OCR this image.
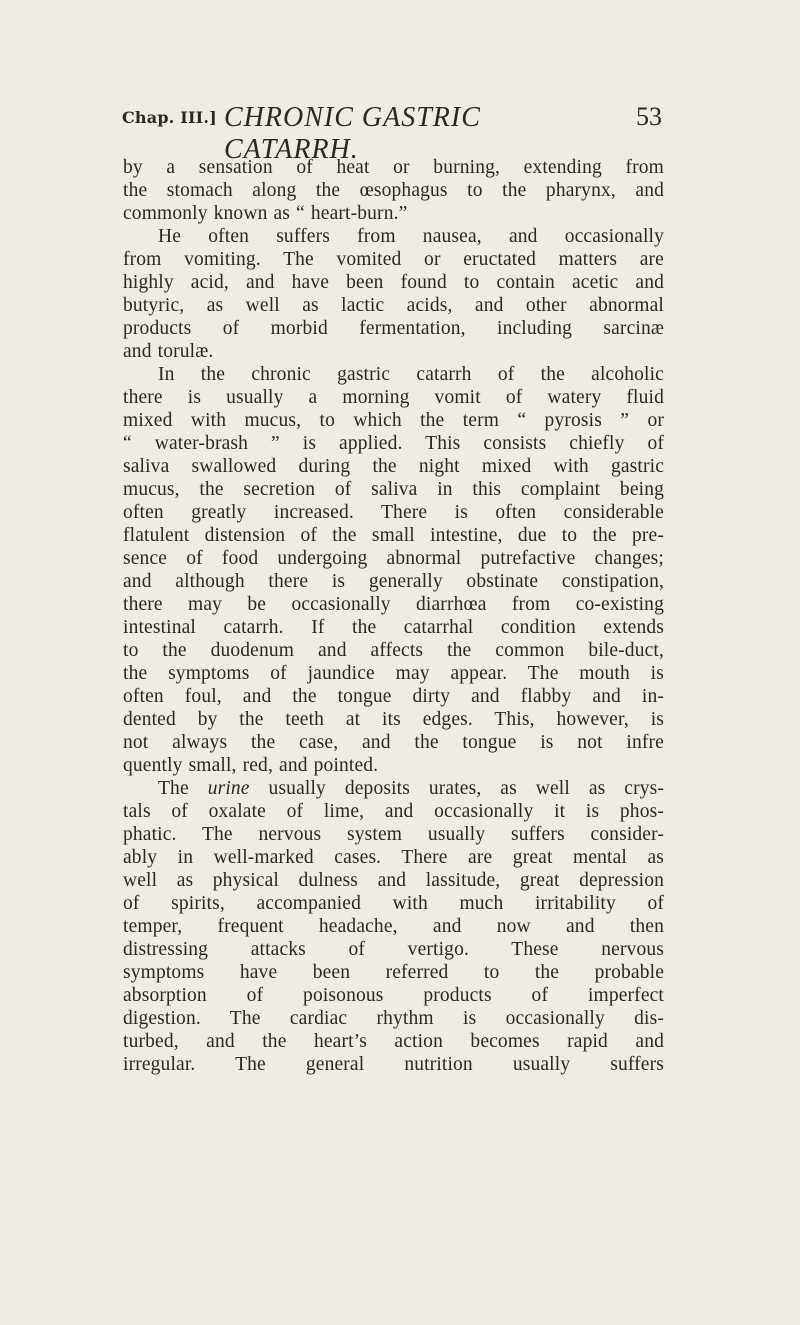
Chap. III.] CHRONIC GASTRIC CATARRH.
53
by a sensation of heat or burning, extending from
the stomach along the œsophagus to the pharynx, and
commonly known as “ heart-burn.”
He often suffers from nausea, and occasionally
from vomiting. The vomited or eructated matters are
highly acid, and have been found to contain acetic and
butyric, as well as lactic acids, and other abnormal
products of morbid fermentation, including sarcinæ
and torulæ.
In the chronic gastric catarrh of the alcoholic
there is usually a morning vomit of watery fluid
mixed with mucus, to which the term “ pyrosis ” or
“ water-brash ” is applied. This consists chiefly of
saliva swallowed during the night mixed with gastric
mucus, the secretion of saliva in this complaint being
often greatly increased. There is often considerable
flatulent distension of the small intestine, due to the pre-
sence of food undergoing abnormal putrefactive changes;
and although there is generally obstinate constipation,
there may be occasionally diarrhœa from co-existing
intestinal catarrh. If the catarrhal condition extends
to the duodenum and affects the common bile-duct,
the symptoms of jaundice may appear. The mouth is
often foul, and the tongue dirty and flabby and in-
dented by the teeth at its edges. This, however, is
not always the case, and the tongue is not infre
quently small, red, and pointed.
The urine usually deposits urates, as well as crys-
tals of oxalate of lime, and occasionally it is phos-
phatic. The nervous system usually suffers consider-
ably in well-marked cases. There are great mental as
well as physical dulness and lassitude, great depression
of spirits, accompanied with much irritability of
temper, frequent headache, and now and then
distressing attacks of vertigo. These nervous
symptoms have been referred to the probable
absorption of poisonous products of imperfect
digestion. The cardiac rhythm is occasionally dis-
turbed, and the heart’s action becomes rapid and
irregular. The general nutrition usually suffers
